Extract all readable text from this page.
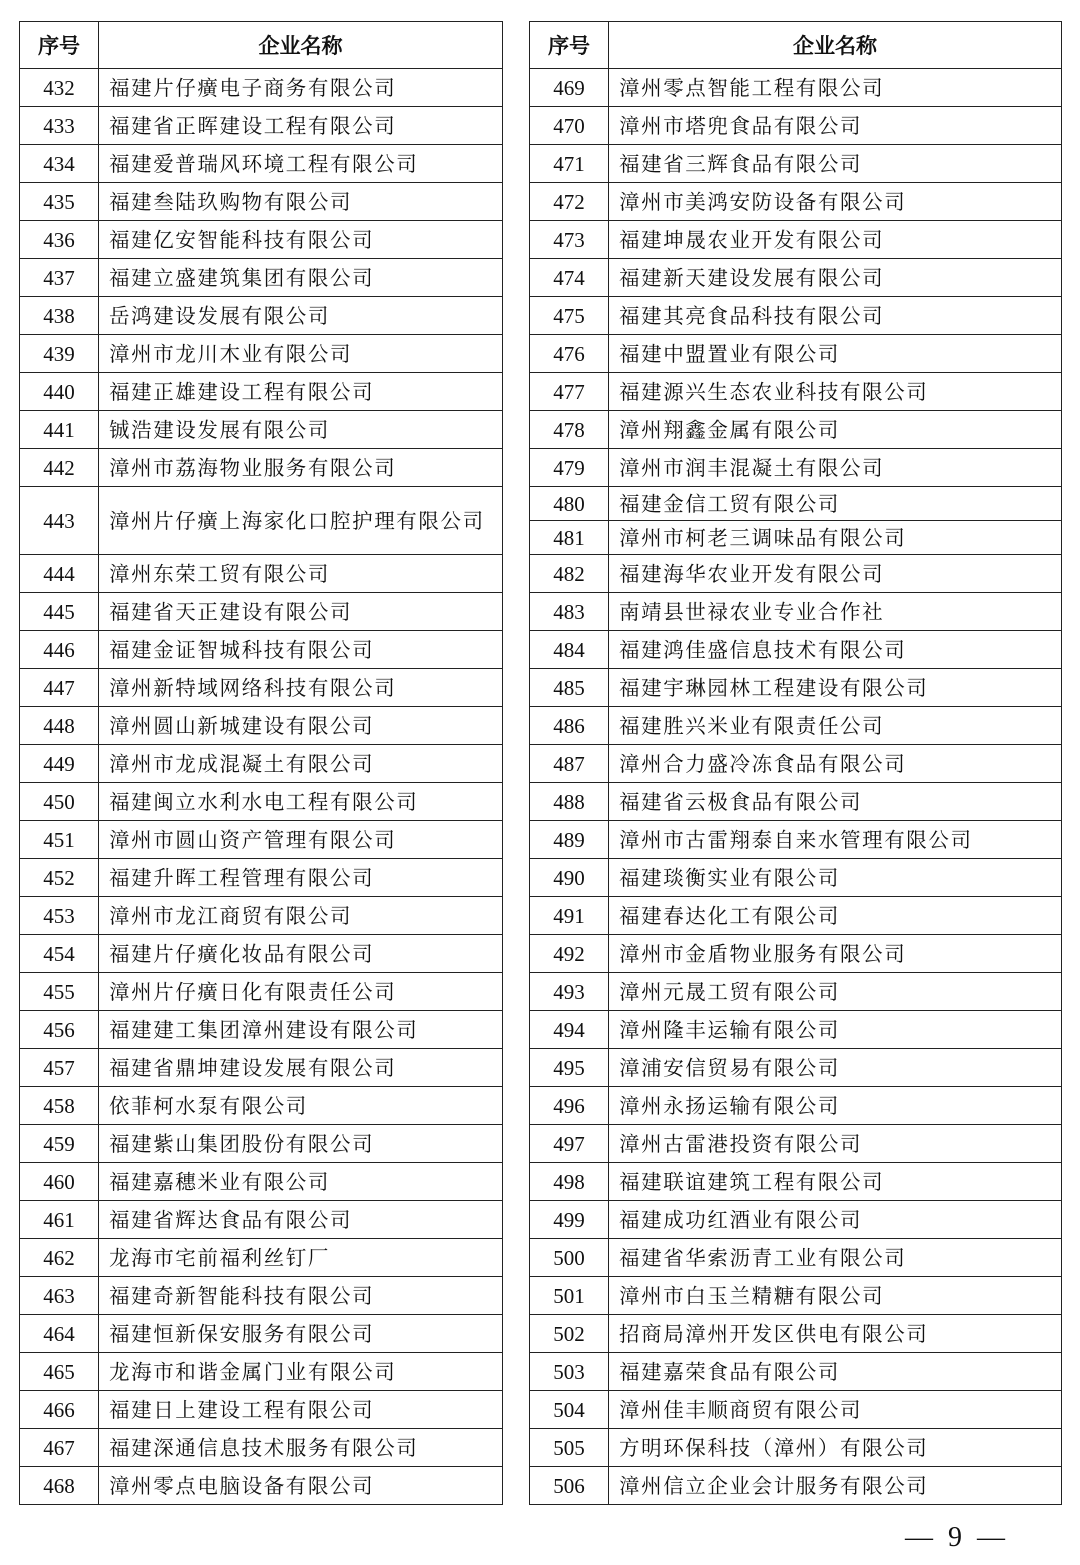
序号	企业名称
432	福建片仔癀电子商务有限公司
433	福建省正晖建设工程有限公司
434	福建爱普瑞风环境工程有限公司
435	福建叁陆玖购物有限公司
436	福建亿安智能科技有限公司
437	福建立盛建筑集团有限公司
438	岳鸿建设发展有限公司
439	漳州市龙川木业有限公司
440	福建正雄建设工程有限公司
441	铖浩建设发展有限公司
442	漳州市荔海物业服务有限公司
443	漳州片仔癀上海家化口腔护理有限公司
444	漳州东荣工贸有限公司
445	福建省天正建设有限公司
446	福建金证智城科技有限公司
447	漳州新特域网络科技有限公司
448	漳州圆山新城建设有限公司
449	漳州市龙成混凝土有限公司
450	福建闽立水利水电工程有限公司
451	漳州市圆山资产管理有限公司
452	福建升晖工程管理有限公司
453	漳州市龙江商贸有限公司
454	福建片仔癀化妆品有限公司
455	漳州片仔癀日化有限责任公司
456	福建建工集团漳州建设有限公司
457	福建省鼎坤建设发展有限公司
458	依菲柯水泵有限公司
459	福建紫山集团股份有限公司
460	福建嘉穗米业有限公司
461	福建省辉达食品有限公司
462	龙海市宅前福利丝钉厂
463	福建奇新智能科技有限公司
464	福建恒新保安服务有限公司
465	龙海市和谐金属门业有限公司
466	福建日上建设工程有限公司
467	福建深通信息技术服务有限公司
468	漳州零点电脑设备有限公司
序号	企业名称
469	漳州零点智能工程有限公司
470	漳州市塔兜食品有限公司
471	福建省三辉食品有限公司
472	漳州市美鸿安防设备有限公司
473	福建坤晟农业开发有限公司
474	福建新天建设发展有限公司
475	福建其亮食品科技有限公司
476	福建中盟置业有限公司
477	福建源兴生态农业科技有限公司
478	漳州翔鑫金属有限公司
479	漳州市润丰混凝土有限公司
480	福建金信工贸有限公司
481	漳州市柯老三调味品有限公司
482	福建海华农业开发有限公司
483	南靖县世禄农业专业合作社
484	福建鸿佳盛信息技术有限公司
485	福建宇琳园林工程建设有限公司
486	福建胜兴米业有限责任公司
487	漳州合力盛冷冻食品有限公司
488	福建省云极食品有限公司
489	漳州市古雷翔泰自来水管理有限公司
490	福建琰衡实业有限公司
491	福建春达化工有限公司
492	漳州市金盾物业服务有限公司
493	漳州元晟工贸有限公司
494	漳州隆丰运输有限公司
495	漳浦安信贸易有限公司
496	漳州永扬运输有限公司
497	漳州古雷港投资有限公司
498	福建联谊建筑工程有限公司
499	福建成功红酒业有限公司
500	福建省华索沥青工业有限公司
501	漳州市白玉兰精糖有限公司
502	招商局漳州开发区供电有限公司
503	福建嘉荣食品有限公司
504	漳州佳丰顺商贸有限公司
505	方明环保科技（漳州）有限公司
506	漳州信立企业会计服务有限公司
— 9 —
